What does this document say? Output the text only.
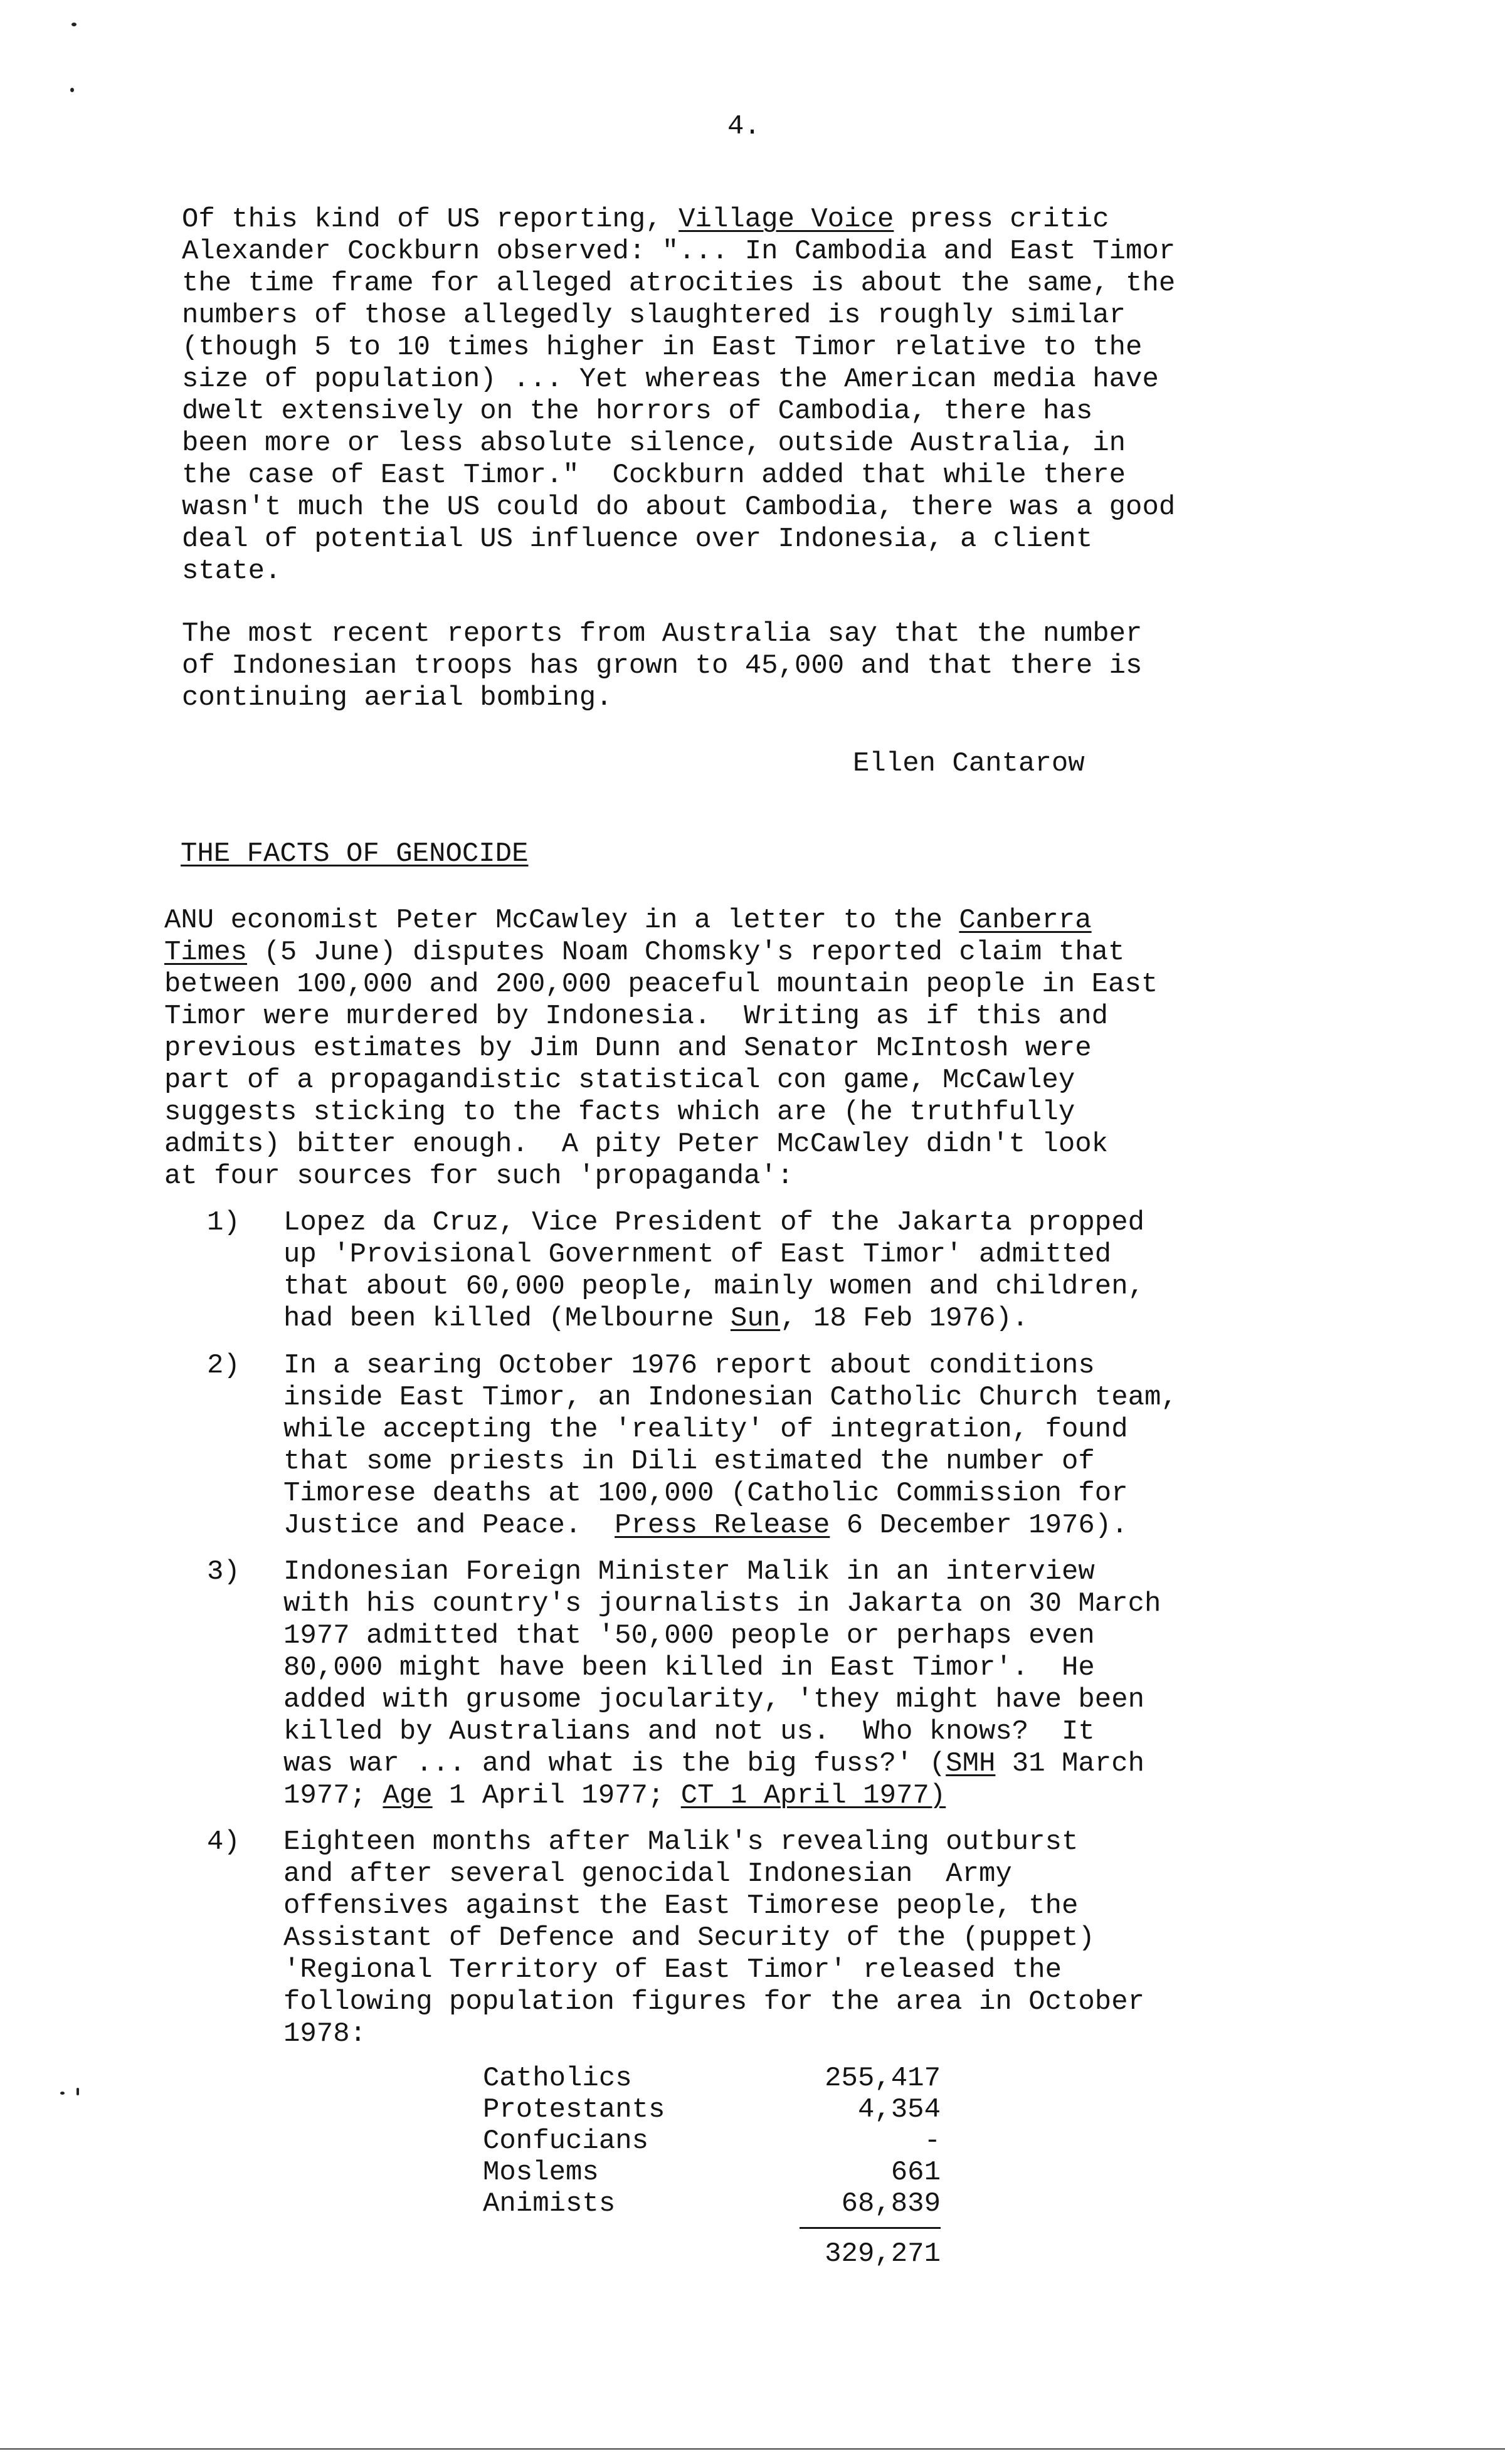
4.
Of this kind of US reporting, Village Voice press critic
Alexander Cockburn observed: "... In Cambodia and East Timor
the time frame for alleged atrocities is about the same, the
numbers of those allegedly slaughtered is roughly similar
(though 5 to 10 times higher in East Timor relative to the
size of population) ... Yet whereas the American media have
dwelt extensively on the horrors of Cambodia, there has
been more or less absolute silence, outside Australia, in
the case of East Timor."  Cockburn added that while there
wasn't much the US could do about Cambodia, there was a good
deal of potential US influence over Indonesia, a client
state.
The most recent reports from Australia say that the number
of Indonesian troops has grown to 45,000 and that there is
continuing aerial bombing.
Ellen Cantarow
THE FACTS OF GENOCIDE
ANU economist Peter McCawley in a letter to the Canberra
Times (5 June) disputes Noam Chomsky's reported claim that
between 100,000 and 200,000 peaceful mountain people in East
Timor were murdered by Indonesia.  Writing as if this and
previous estimates by Jim Dunn and Senator McIntosh were
part of a propagandistic statistical con game, McCawley
suggests sticking to the facts which are (he truthfully
admits) bitter enough.  A pity Peter McCawley didn't look
at four sources for such 'propaganda':
1) Lopez da Cruz, Vice President of the Jakarta propped
up 'Provisional Government of East Timor' admitted
that about 60,000 people, mainly women and children,
had been killed (Melbourne Sun, 18 Feb 1976).
2) In a searing October 1976 report about conditions
inside East Timor, an Indonesian Catholic Church team,
while accepting the 'reality' of integration, found
that some priests in Dili estimated the number of
Timorese deaths at 100,000 (Catholic Commission for
Justice and Peace.  Press Release 6 December 1976).
3) Indonesian Foreign Minister Malik in an interview
with his country's journalists in Jakarta on 30 March
1977 admitted that '50,000 people or perhaps even
80,000 might have been killed in East Timor'.  He
added with grusome jocularity, 'they might have been
killed by Australians and not us.  Who knows?  It
was war ... and what is the big fuss?' (SMH 31 March
1977; Age 1 April 1977; CT 1 April 1977)
4) Eighteen months after Malik's revealing outburst
and after several genocidal Indonesian  Army
offensives against the East Timorese people, the
Assistant of Defence and Security of the (puppet)
'Regional Territory of East Timor' released the
following population figures for the area in October
1978:
Catholics	255,417
Protestants	4,354
Confucians	-
Moslems	661
Animists	68,839
329,271
